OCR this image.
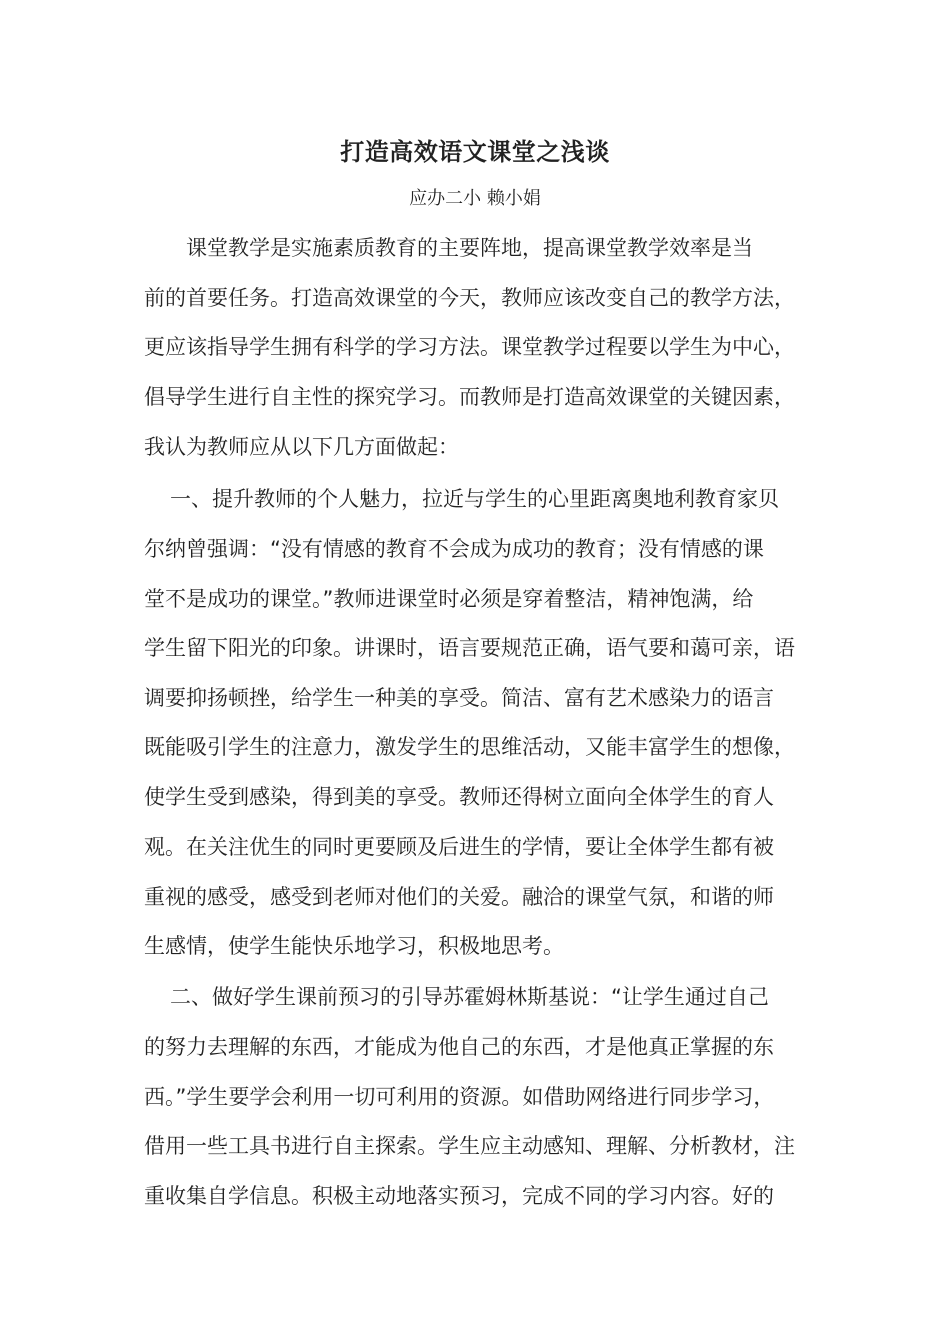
打造高效语文课堂之浅谈
应办二小 赖小娟
　　课堂教学是实施素质教育的主要阵地，提高课堂教学效率是当
前的首要任务。打造高效课堂的今天，教师应该改变自己的教学方法，
更应该指导学生拥有科学的学习方法。课堂教学过程要以学生为中心，
倡导学生进行自主性的探究学习。而教师是打造高效课堂的关键因素，
我认为教师应从以下几方面做起：
一、提升教师的个人魅力，拉近与学生的心里距离奥地利教育家贝
尔纳曾强调：“没有情感的教育不会成为成功的教育；没有情感的课
堂不是成功的课堂。”教师进课堂时必须是穿着整洁，精神饱满，给
学生留下阳光的印象。讲课时，语言要规范正确，语气要和蔼可亲，语
调要抑扬顿挫，给学生一种美的享受。简洁、富有艺术感染力的语言
既能吸引学生的注意力，激发学生的思维活动，又能丰富学生的想像，
使学生受到感染，得到美的享受。教师还得树立面向全体学生的育人
观。在关注优生的同时更要顾及后进生的学情，要让全体学生都有被
重视的感受，感受到老师对他们的关爱。融洽的课堂气氛，和谐的师
生感情，使学生能快乐地学习，积极地思考。
二、做好学生课前预习的引导苏霍姆林斯基说：“让学生通过自己
的努力去理解的东西，才能成为他自己的东西，才是他真正掌握的东
西。”学生要学会利用一切可利用的资源。如借助网络进行同步学习，
借用一些工具书进行自主探索。学生应主动感知、理解、分析教材，注
重收集自学信息。积极主动地落实预习，完成不同的学习内容。好的
